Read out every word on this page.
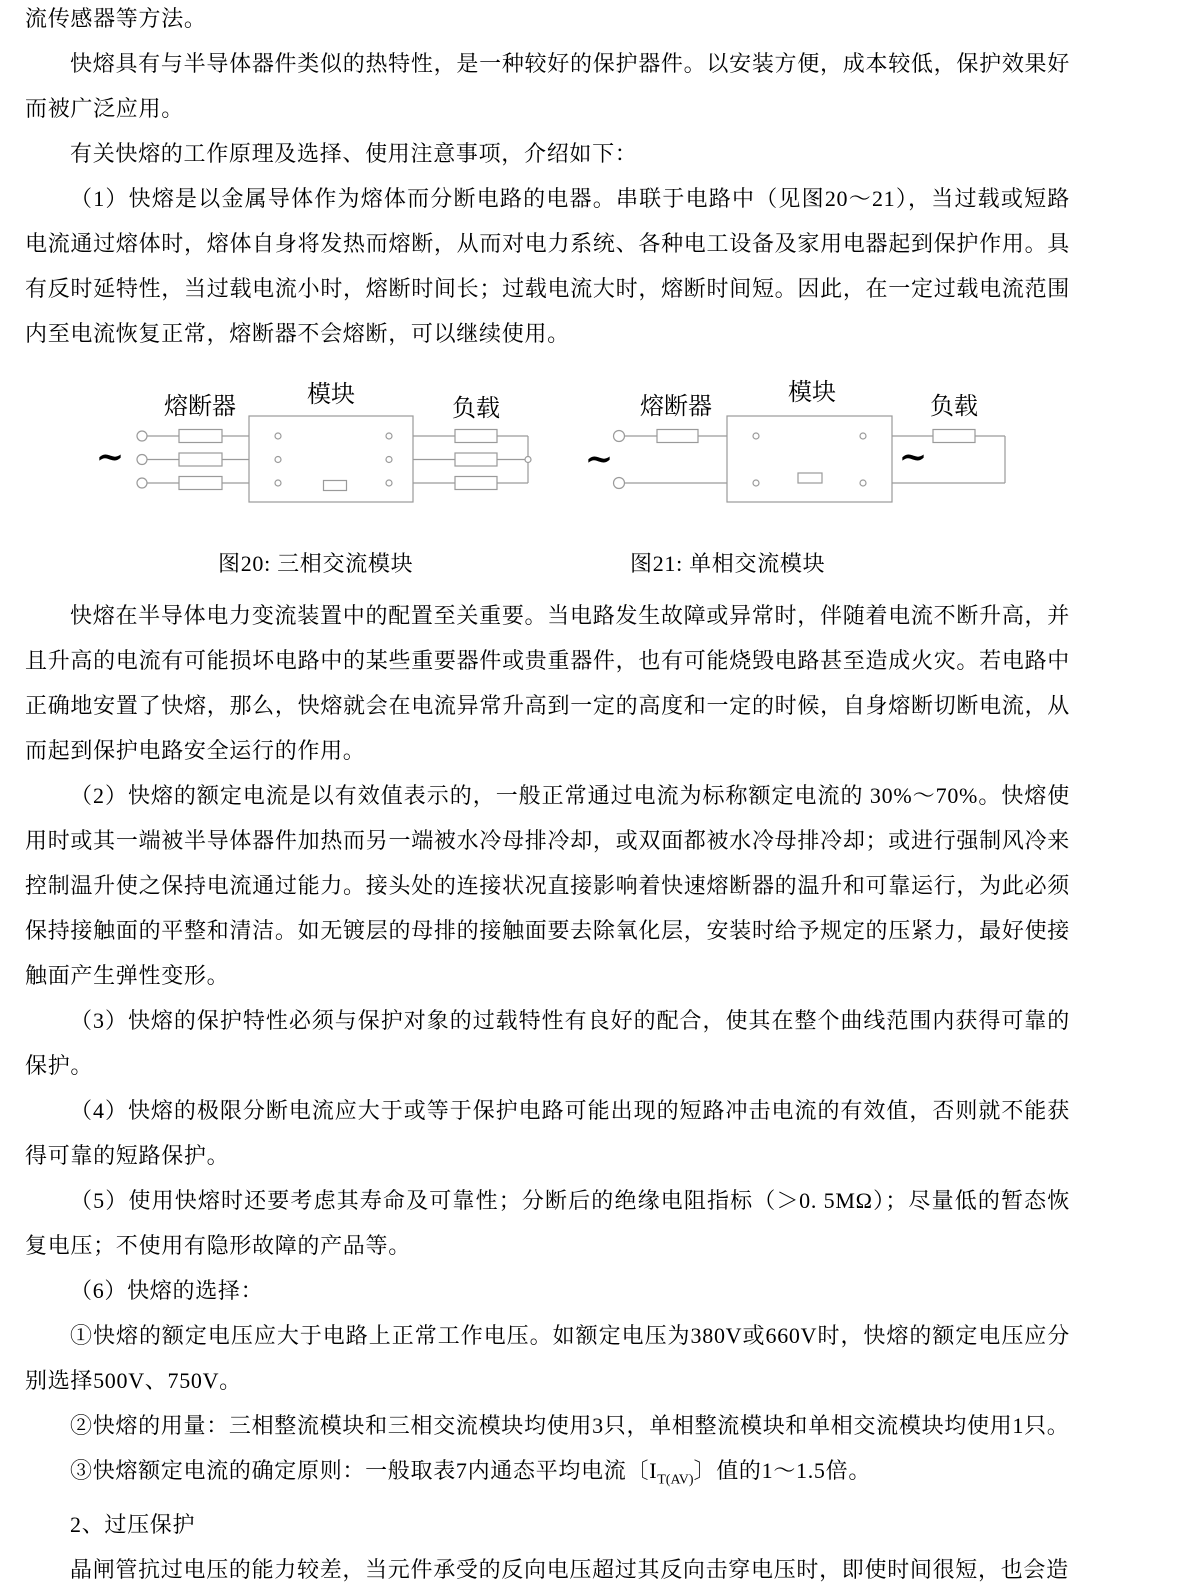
流传感器等方法。

快熔具有与半导体器件类似的热特性，是一种较好的保护器件。以安装方便，成本较低，保护效果好而被广泛应用。

有关快熔的工作原理及选择、使用注意事项，介绍如下：

（1）快熔是以金属导体作为熔体而分断电路的电器。串联于电路中（见图20～21），当过载或短路电流通过熔体时，熔体自身将发热而熔断，从而对电力系统、各种电工设备及家用电器起到保护作用。具有反时延特性，当过载电流小时，熔断时间长；过载电流大时，熔断时间短。因此，在一定过载电流范围内至电流恢复正常，熔断器不会熔断，可以继续使用。

熔断器	模块
负载
~
熔断器
模块
负载
~	~
图20: 三相交流模块	图21: 单相交流模块

快熔在半导体电力变流装置中的配置至关重要。当电路发生故障或异常时，伴随着电流不断升高，并且升高的电流有可能损坏电路中的某些重要器件或贵重器件，也有可能烧毁电路甚至造成火灾。若电路中正确地安置了快熔，那么，快熔就会在电流异常升高到一定的高度和一定的时候，自身熔断切断电流，从而起到保护电路安全运行的作用。

（2）快熔的额定电流是以有效值表示的，一般正常通过电流为标称额定电流的 30%～70%。快熔使用时或其一端被半导体器件加热而另一端被水冷母排冷却，或双面都被水冷母排冷却；或进行强制风冷来控制温升使之保持电流通过能力。接头处的连接状况直接影响着快速熔断器的温升和可靠运行，为此必须保持接触面的平整和清洁。如无镀层的母排的接触面要去除氧化层，安装时给予规定的压紧力，最好使接触面产生弹性变形。

（3）快熔的保护特性必须与保护对象的过载特性有良好的配合，使其在整个曲线范围内获得可靠的保护。

（4）快熔的极限分断电流应大于或等于保护电路可能出现的短路冲击电流的有效值，否则就不能获得可靠的短路保护。

（5）使用快熔时还要考虑其寿命及可靠性；分断后的绝缘电阻指标（＞0. 5MΩ）；尽量低的暂态恢复电压；不使用有隐形故障的产品等。

（6）快熔的选择：

①快熔的额定电压应大于电路上正常工作电压。如额定电压为380V或660V时，快熔的额定电压应分别选择500V、750V。

②快熔的用量：三相整流模块和三相交流模块均使用3只，单相整流模块和单相交流模块均使用1只。

③快熔额定电流的确定原则：一般取表7内通态平均电流〔$I_{T(AV)}$〕值的1～1.5倍。

2、过压保护

晶闸管抗过电压的能力较差，当元件承受的反向电压超过其反向击穿电压时，即使时间很短，也会造
